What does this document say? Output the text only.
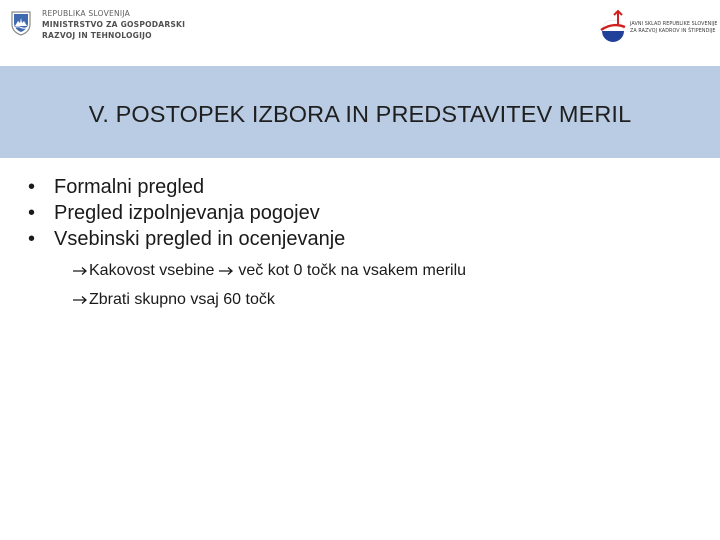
REPUBLIKA SLOVENIJA
MINISTRSTVO ZA GOSPODARSKI
RAZVOJ IN TEHNOLOGIJO
JAVNI SKLAD REPUBLIKE SLOVENIJE
ZA RAZVOJ KADROV IN ŠTIPENDIJE
V. POSTOPEK IZBORA IN PREDSTAVITEV MERIL
• Formalni pregled
• Pregled izpolnjevanja pogojev
• Vsebinski pregled in ocenjevanje
Kakovost vsebine več kot 0 točk na vsakem merilu
Zbrati skupno vsaj 60 točk
